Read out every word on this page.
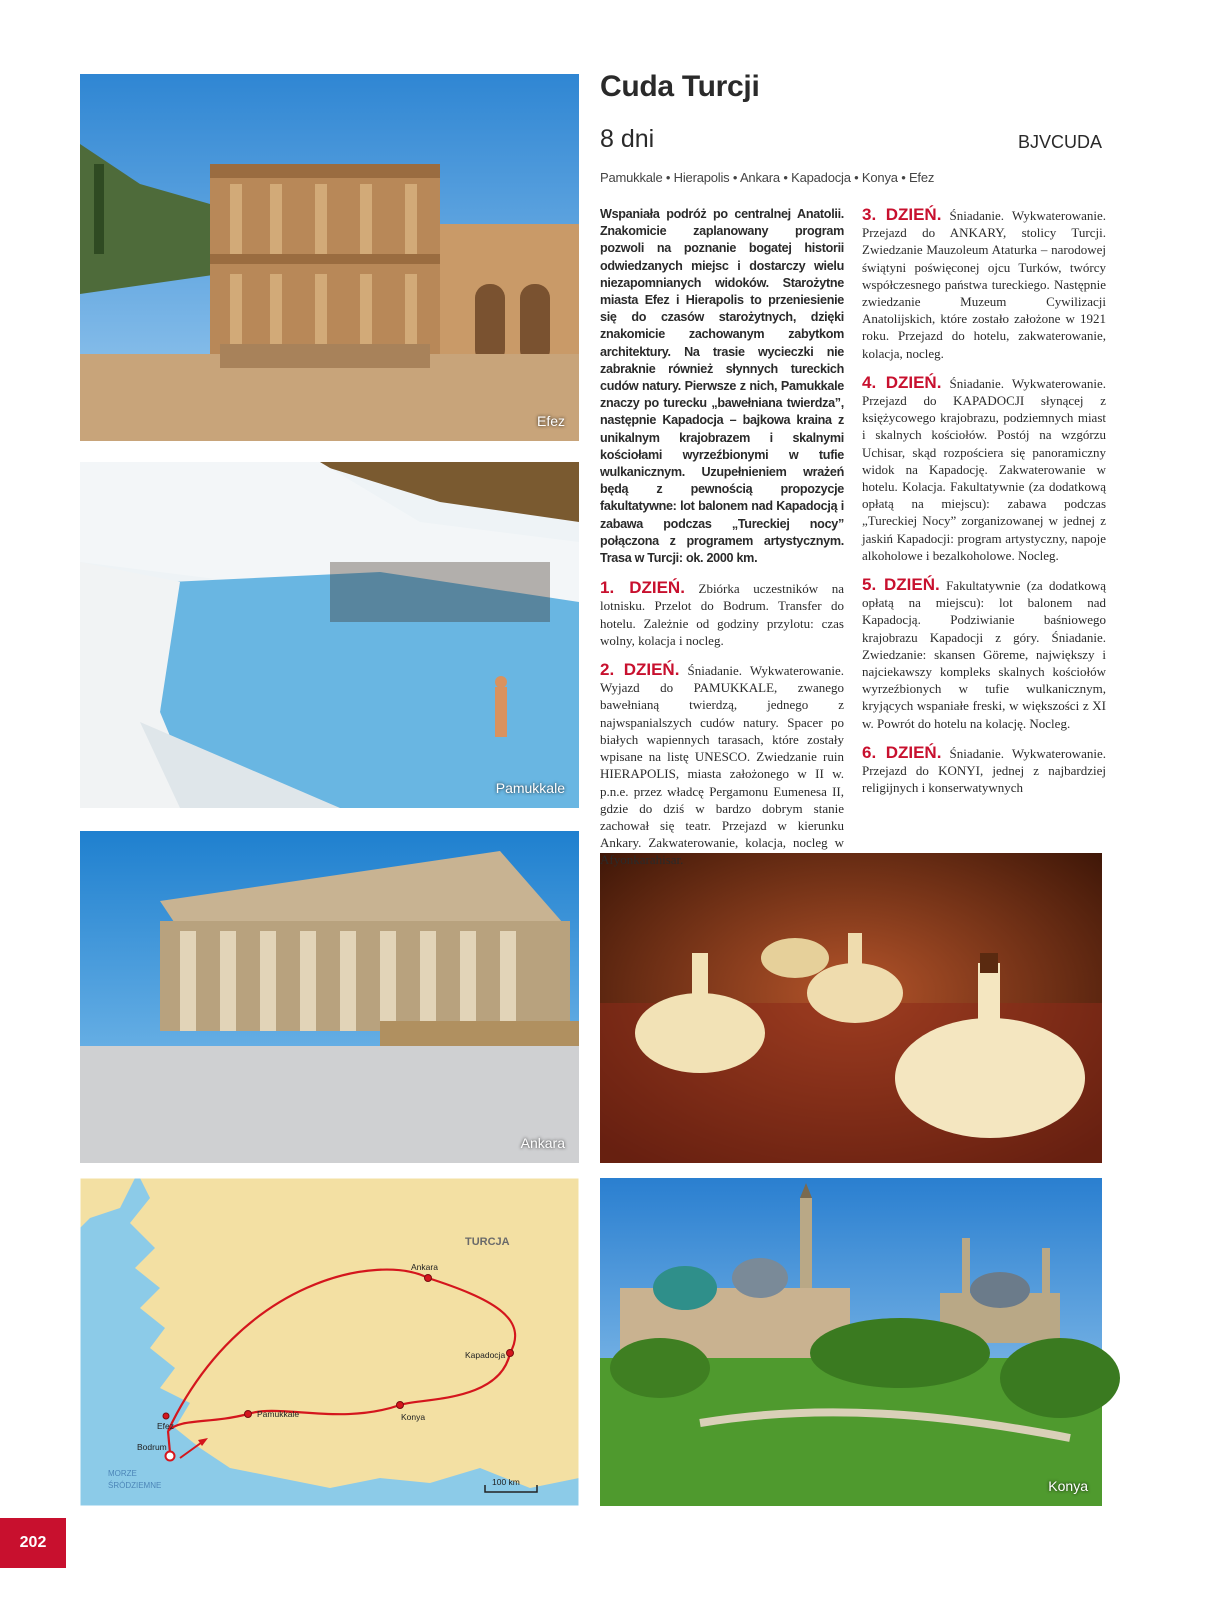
Efez
Pamukkale
Ankara
TURCJA
Ankara
Kapadocja
Pamukkale	Konya
Efez
Bodrum
MORZE
ŚRÓDZIEMNE	100 km	Konya
Cuda Turcji
8 dni	BJVCUDA
Pamukkale • Hierapolis • Ankara • Kapadocja • Konya • Efez

Wspaniała podróż po centralnej Anatolii. Znakomicie zaplanowany program pozwoli na poznanie bogatej historii odwiedzanych miejsc i dostarczy wielu niezapomnianych widoków. Starożytne miasta Efez i Hierapolis to przeniesienie się do czasów starożytnych, dzięki znakomicie zachowanym zabytkom architektury. Na trasie wycieczki nie zabraknie również słynnych tureckich cudów natury. Pierwsze z nich, Pamukkale znaczy po turecku „bawełniana twierdza”, następnie Kapadocja – bajkowa kraina z unikalnym krajobrazem i skalnymi kościołami wyrzeźbionymi w tufie wulkanicznym. Uzupełnieniem wrażeń będą z pewnością propozycje fakultatywne: lot balonem nad Kapadocją i zabawa podczas „Tureckiej nocy” połączona z programem artystycznym. Trasa w Turcji: ok. 2000 km.

1. DZIEŃ. Zbiórka uczestników na lotnisku. Przelot do Bodrum. Transfer do hotelu. Zależnie od godziny przylotu: czas wolny, kolacja i nocleg.

2. DZIEŃ. Śniadanie. Wykwaterowanie. Wyjazd do PAMUKKALE, zwanego bawełnianą twierdzą, jednego z najwspanialszych cudów natury. Spacer po białych wapiennych tarasach, które zostały wpisane na listę UNESCO. Zwiedzanie ruin HIERAPOLIS, miasta założonego w II w. p.n.e. przez władcę Pergamonu Eumenesa II, gdzie do dziś w bardzo dobrym stanie zachował się teatr. Przejazd w kierunku Ankary. Zakwaterowanie, kolacja, nocleg w Afyonkarahisar.

3. DZIEŃ. Śniadanie. Wykwaterowanie. Przejazd do ANKARY, stolicy Turcji. Zwiedzanie Mauzoleum Ataturka – narodowej świątyni poświęconej ojcu Turków, twórcy współczesnego państwa tureckiego. Następnie zwiedzanie Muzeum Cywilizacji Anatolijskich, które zostało założone w 1921 roku. Przejazd do hotelu, zakwaterowanie, kolacja, nocleg.

4. DZIEŃ. Śniadanie. Wykwaterowanie. Przejazd do KAPADOCJI słynącej z księżycowego krajobrazu, podziemnych miast i skalnych kościołów. Postój na wzgórzu Uchisar, skąd rozpościera się panoramiczny widok na Kapadocję. Zakwaterowanie w hotelu. Kolacja. Fakultatywnie (za dodatkową opłatą na miejscu): zabawa podczas „Tureckiej Nocy” zorganizowanej w jednej z jaskiń Kapadocji: program artystyczny, napoje alkoholowe i bezalkoholowe. Nocleg.

5. DZIEŃ. Fakultatywnie (za dodatkową opłatą na miejscu): lot balonem nad Kapadocją. Podziwianie baśniowego krajobrazu Kapadocji z góry. Śniadanie. Zwiedzanie: skansen Göreme, największy i najciekawszy kompleks skalnych kościołów wyrzeźbionych w tufie wulkanicznym, kryjących wspaniałe freski, w większości z XI w. Powrót do hotelu na kolację. Nocleg.

6. DZIEŃ. Śniadanie. Wykwaterowanie. Przejazd do KONYI, jednej z najbardziej religijnych i konserwatywnych

202
